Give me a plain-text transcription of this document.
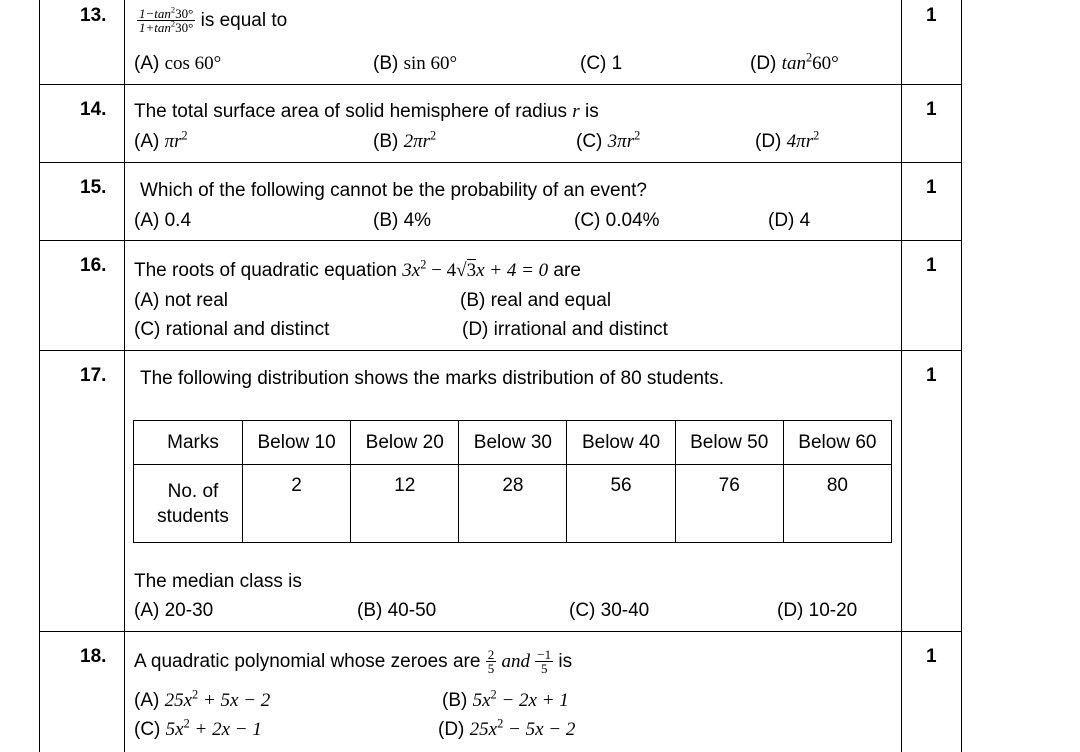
13.	1
$\frac{1-\tan^230^\circ}{1+\tan^230^\circ}$ is equal to
(A) cos 60°	(B) sin 60°	(C) 1	(D) $\tan^260^\circ$
14.	1
The total surface area of solid hemisphere of radius r is
(A) $\pi r^2$	(B) $2\pi r^2$	(C) $3\pi r^2$	(D) $4\pi r^2$
15.	1
Which of the following cannot be the probability of an event?
(A) 0.4	(B) 4%	(C) 0.04%	(D) 4
16.	1
The roots of quadratic equation $3x^2 - 4√3x + 4 = 0$ are
(A) not real	(B) real and equal
(C) rational and distinct	(D) irrational and distinct
17.	1
The following distribution shows the marks distribution of 80 students.
Marks	Below 10	Below 20	Below 30	Below 40	Below 50	Below 60

No. of
students	2	12	28	56	76	80
The median class is
(A) 20-30	(B) 40-50	(C) 30-40	(D) 10-20
18.	1
A quadratic polynomial whose zeroes are $\frac{2}{5}$ and $\frac{-1}{5}$ is
(A) $25x^2 + 5x - 2$	(B) $5x^2 - 2x + 1$
(C) $5x^2 + 2x - 1$	(D) $25x^2 - 5x - 2$
